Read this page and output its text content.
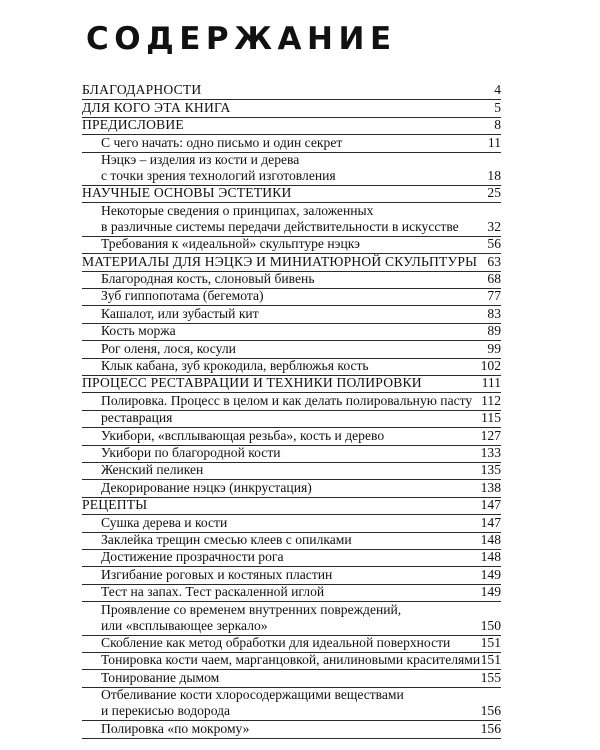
СОДЕРЖАНИЕ
БЛАГОДАРНОСТИ	4
ДЛЯ КОГО ЭТА КНИГА	5
ПРЕДИСЛОВИЕ	8
С чего начать: одно письмо и один секрет	11
Нэцкэ – изделия из кости и дерева
с точки зрения технологий изготовления	18
НАУЧНЫЕ ОСНОВЫ ЭСТЕТИКИ	25
Некоторые сведения о принципах, заложенных
в различные системы передачи действительности в искусстве 32
Требования к «идеальной» скульптуре нэцкэ	56
МАТЕРИАЛЫ ДЛЯ НЭЦКЭ И МИНИАТЮРНОЙ СКУЛЬПТУРЫ 63
Благородная кость, слоновый бивень	68
Зуб гиппопотама (бегемота)	77
Кашалот, или зубастый кит	83
Кость моржа	89
Рог оленя, лося, косули	99
Клык кабана, зуб крокодила, верблюжья кость	102
ПРОЦЕСС РЕСТАВРАЦИИ И ТЕХНИКИ ПОЛИРОВКИ	111
Полировка. Процесс в целом и как делать полировальную пасту 112
реставрация	115
Укибори, «всплывающая резьба», кость и дерево	127
Укибори по благородной кости	133
Женский пеликен	135
Декорирование нэцкэ (инкрустация)	138
РЕЦЕПТЫ	147
Сушка дерева и кости	147
Заклейка трещин смесью клеев с опилками	148
Достижение прозрачности рога	148
Изгибание роговых и костяных пластин	149
Тест на запах. Тест раскаленной иглой	149
Проявление со временем внутренних повреждений,
или «всплывающее зеркало»	150
Скобление как метод обработки для идеальной поверхности 151
Тонировка кости чаем, марганцовкой, анилиновыми красителями 151
Тонирование дымом	155
Отбеливание кости хлоросодержащими веществами
и перекисью водорода	156
Полировка «по мокрому»	156
